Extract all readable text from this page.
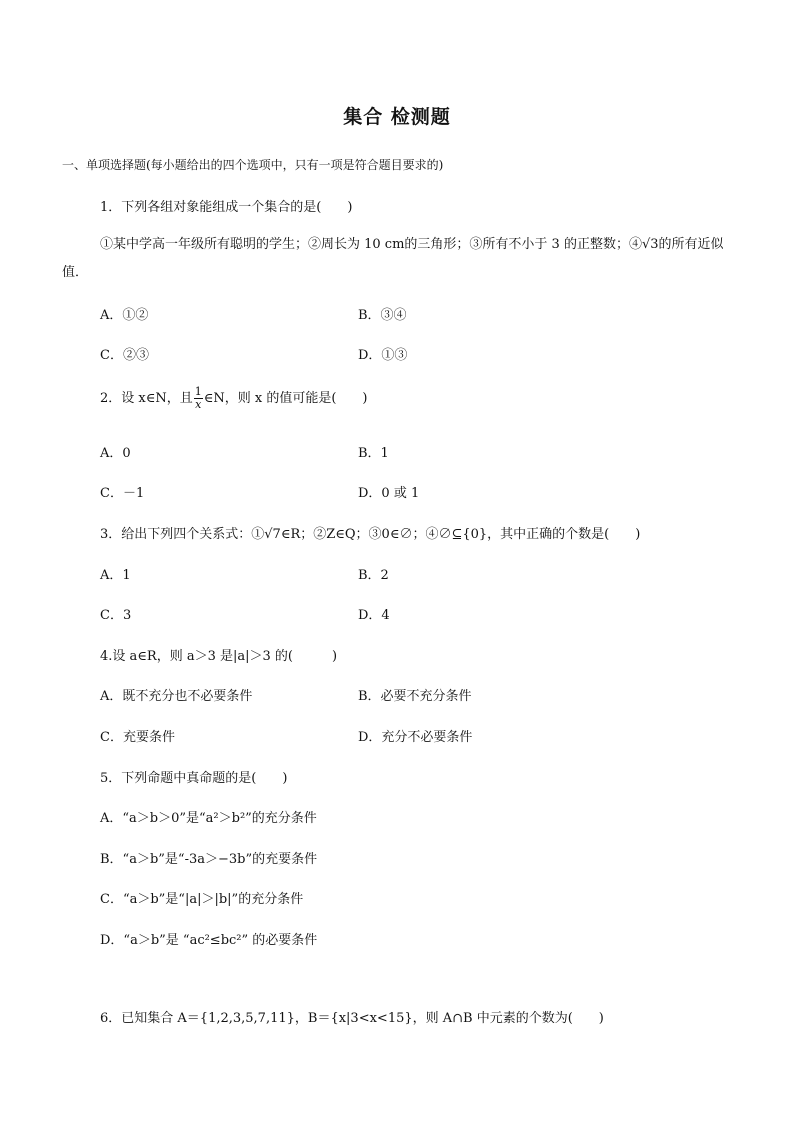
集合 检测题
一、单项选择题(每小题给出的四个选项中，只有一项是符合题目要求的)
1．下列各组对象能组成一个集合的是(　　)
①某中学高一年级所有聪明的学生；②周长为 10 cm的三角形；③所有不小于 3 的正整数；④√3的所有近似值．
A．①②	B．③④
C．②③	D．①③
2．设 x∈N，且 $\frac{1}{x}$ ∈N，则 x 的值可能是(　　)
A．0	B．1
C．－1	D．0 或 1
3．给出下列四个关系式：①√7∈R；②Z∈Q；③0∈∅；④∅⊆{0}，其中正确的个数是(　　)
A．1	B．2
C．3	D．4
4.设 a∈R，则 a＞3 是|a|＞3 的(　　　)
A．既不充分也不必要条件	B．必要不充分条件
C．充要条件	D．充分不必要条件
5．下列命题中真命题的是(　　)
A．“a＞b＞0”是“a²＞b²”的充分条件
B．“a＞b”是“-3a＞−3b”的充要条件
C．“a＞b”是“|a|＞|b|”的充分条件
D．“a＞b”是 “ac²≤bc²” 的必要条件
6．已知集合 A＝{1,2,3,5,7,11}，B＝{x|3<x<15}，则 A∩B 中元素的个数为(　　)
